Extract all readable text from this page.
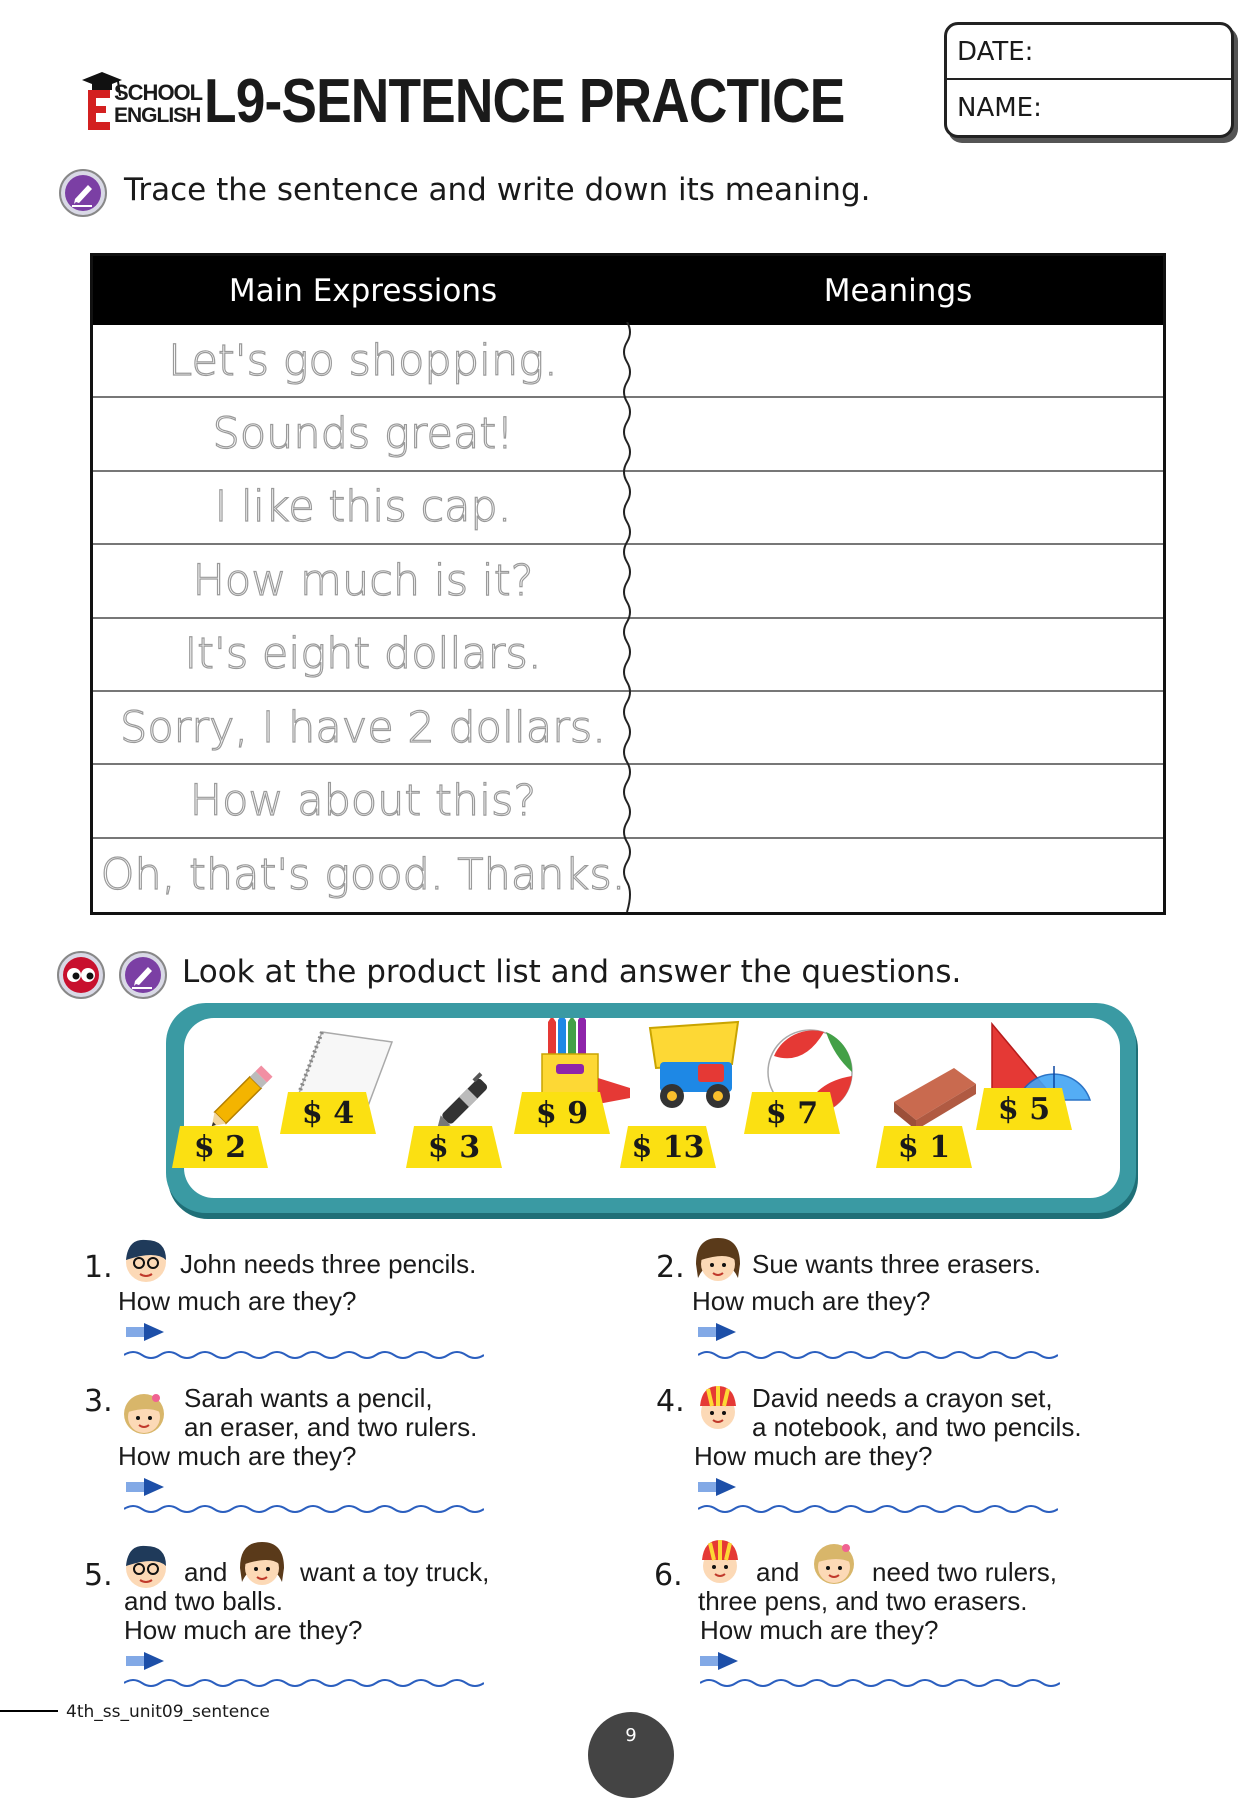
SCHOOL
ENGLISH L9-SENTENCE PRACTICE
DATE:
NAME:
Trace the sentence and write down its meaning.
Main Expressions	Meanings
Let's go shopping.
Sounds great!
I like this cap.
How much is it?
It's eight dollars.
Sorry, I have 2 dollars.
How about this?
Oh, that's good. Thanks.
Look at the product list and answer the questions.
$ 2
$ 4
$ 3
$ 9
$ 13
$ 7
$ 1
$ 5
1.	John needs three pencils.
How much are they?
2.	Sue wants three erasers.
How much are they?
3.	Sarah wants a pencil,
an eraser, and two rulers.
How much are they?
4.	David needs a crayon set,
a notebook, and two pencils.
How much are they?
5.	and	want a toy truck,
and two balls.
How much are they?
6.	and	need two rulers,
three pens, and two erasers.
How much are they?
4th_ss_unit09_sentence
9
